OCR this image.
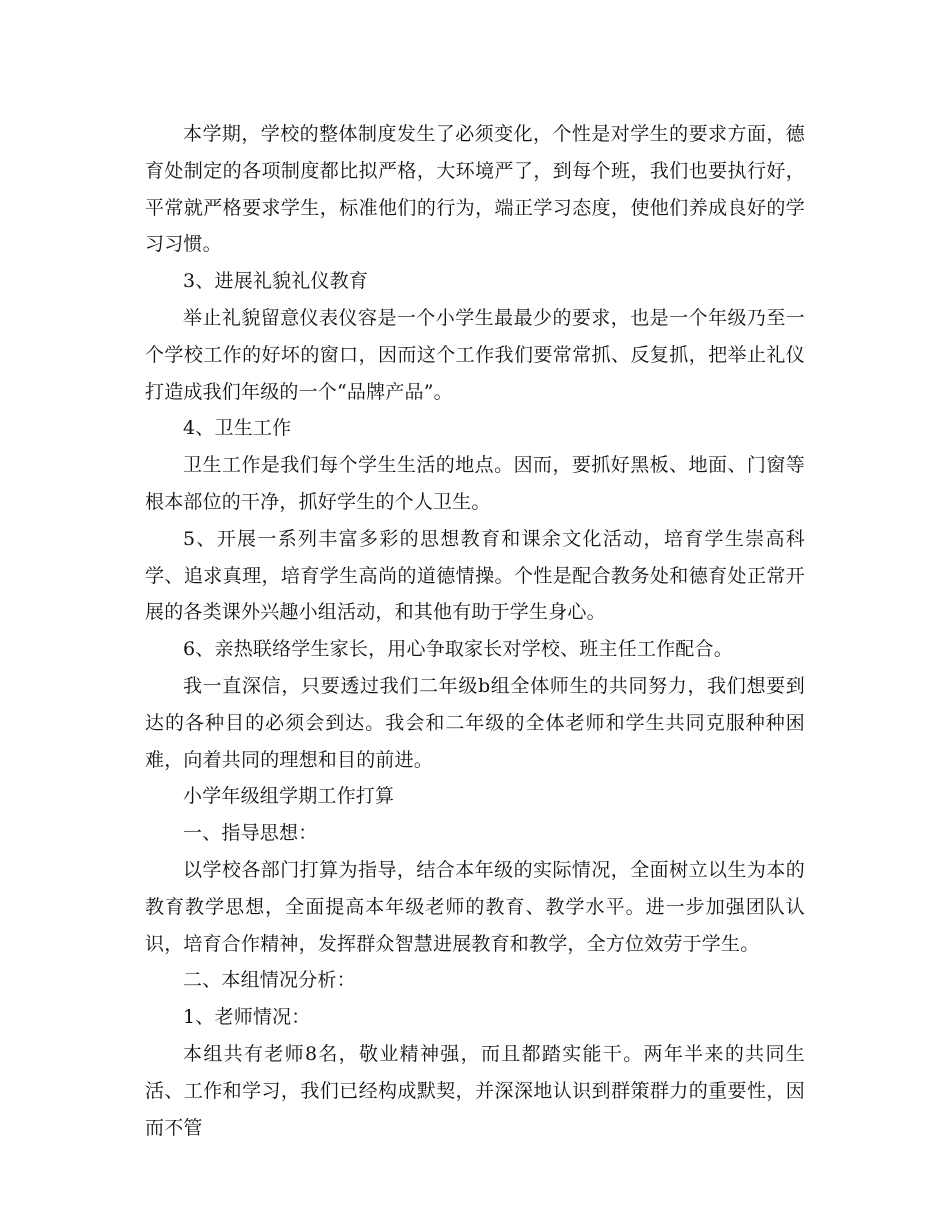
本学期，学校的整体制度发生了必须变化，个性是对学生的要求方面，德育处制定的各项制度都比拟严格，大环境严了，到每个班，我们也要执行好，平常就严格要求学生，标准他们的行为，端正学习态度，使他们养成良好的学习习惯。

3、进展礼貌礼仪教育

举止礼貌留意仪表仪容是一个小学生最最少的要求，也是一个年级乃至一个学校工作的好坏的窗口，因而这个工作我们要常常抓、反复抓，把举止礼仪打造成我们年级的一个“品牌产品”。

4、卫生工作

卫生工作是我们每个学生生活的地点。因而，要抓好黑板、地面、门窗等根本部位的干净，抓好学生的个人卫生。

5、开展一系列丰富多彩的思想教育和课余文化活动，培育学生崇高科学、追求真理，培育学生高尚的道德情操。个性是配合教务处和德育处正常开展的各类课外兴趣小组活动，和其他有助于学生身心。

6、亲热联络学生家长，用心争取家长对学校、班主任工作配合。

我一直深信，只要透过我们二年级b组全体师生的共同努力，我们想要到达的各种目的必须会到达。我会和二年级的全体老师和学生共同克服种种困难，向着共同的理想和目的前进。

小学年级组学期工作打算

一、指导思想：

以学校各部门打算为指导，结合本年级的实际情况，全面树立以生为本的教育教学思想，全面提高本年级老师的教育、教学水平。进一步加强团队认识，培育合作精神，发挥群众智慧进展教育和教学，全方位效劳于学生。

二、本组情况分析：

1、老师情况：

本组共有老师8名，敬业精神强，而且都踏实能干。两年半来的共同生活、工作和学习，我们已经构成默契，并深深地认识到群策群力的重要性，因而不管
